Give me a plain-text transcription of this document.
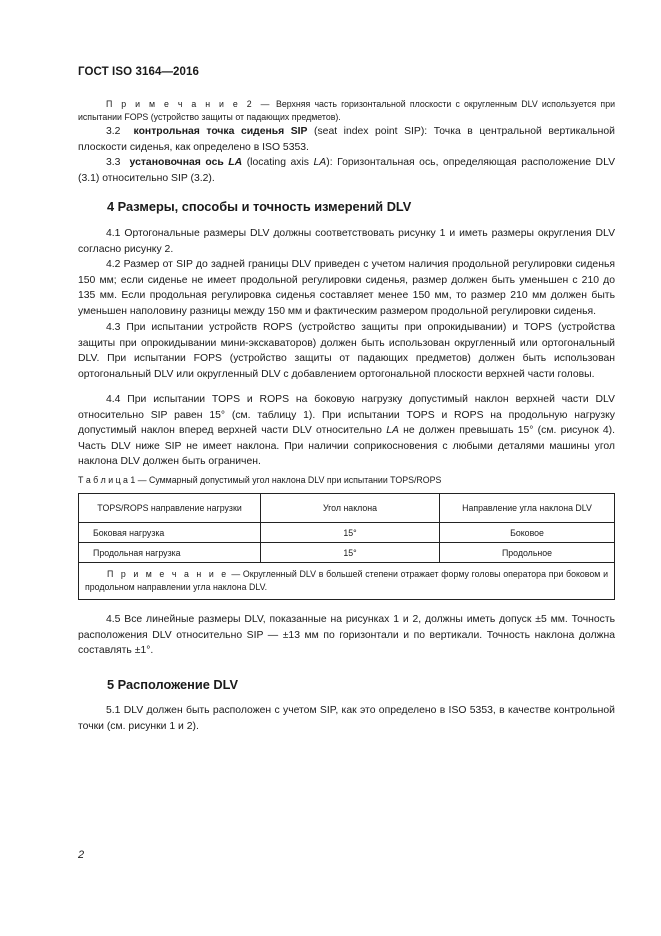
ГОСТ ISO 3164—2016
П р и м е ч а н и е 2 — Верхняя часть горизонтальной плоскости с округленным DLV используется при испытании FOPS (устройство защиты от падающих предметов).
3.2 контрольная точка сиденья SIP (seat index point SIP): Точка в центральной вертикальной плоскости сиденья, как определено в ISO 5353.
3.3 установочная ось LA (locating axis LA): Горизонтальная ось, определяющая расположение DLV (3.1) относительно SIP (3.2).
4 Размеры, способы и точность измерений DLV
4.1 Ортогональные размеры DLV должны соответствовать рисунку 1 и иметь размеры округления DLV согласно рисунку 2.
4.2 Размер от SIP до задней границы DLV приведен с учетом наличия продольной регулировки сиденья 150 мм; если сиденье не имеет продольной регулировки сиденья, размер должен быть уменьшен с 210 до 135 мм. Если продольная регулировка сиденья составляет менее 150 мм, то размер 210 мм должен быть уменьшен наполовину разницы между 150 мм и фактическим размером продольной регулировки сиденья.
4.3 При испытании устройств ROPS (устройство защиты при опрокидывании) и TOPS (устройства защиты при опрокидывании мини-экскаваторов) должен быть использован округленный или ортогональный DLV. При испытании FOPS (устройство защиты от падающих предметов) должен быть использован ортогональный DLV или округленный DLV с добавлением ортогональной плоскости верхней части головы.
4.4 При испытании TOPS и ROPS на боковую нагрузку допустимый наклон верхней части DLV относительно SIP равен 15° (см. таблицу 1). При испытании TOPS и ROPS на продольную нагрузку допустимый наклон вперед верхней части DLV относительно LA не должен превышать 15° (см. рисунок 4). Часть DLV ниже SIP не имеет наклона. При наличии соприкосновения с любыми деталями машины угол наклона DLV должен быть ограничен.
Т а б л и ц а 1 — Суммарный допустимый угол наклона DLV при испытании TOPS/ROPS
TOPS/ROPS направление нагрузки	Угол наклона	Направление угла наклона DLV
Боковая нагрузка	15°	Боковое
Продольная нагрузка	15°	Продольное
П р и м е ч а н и е — Округленный DLV в большей степени отражает форму головы оператора при боковом и продольном направлении угла наклона DLV.		
4.5 Все линейные размеры DLV, показанные на рисунках 1 и 2, должны иметь допуск ±5 мм. Точность расположения DLV относительно SIP — ±13 мм по горизонтали и по вертикали. Точность наклона должна составлять ±1°.
5 Расположение DLV
5.1 DLV должен быть расположен с учетом SIP, как это определено в ISO 5353, в качестве контрольной точки (см. рисунки 1 и 2).
2
